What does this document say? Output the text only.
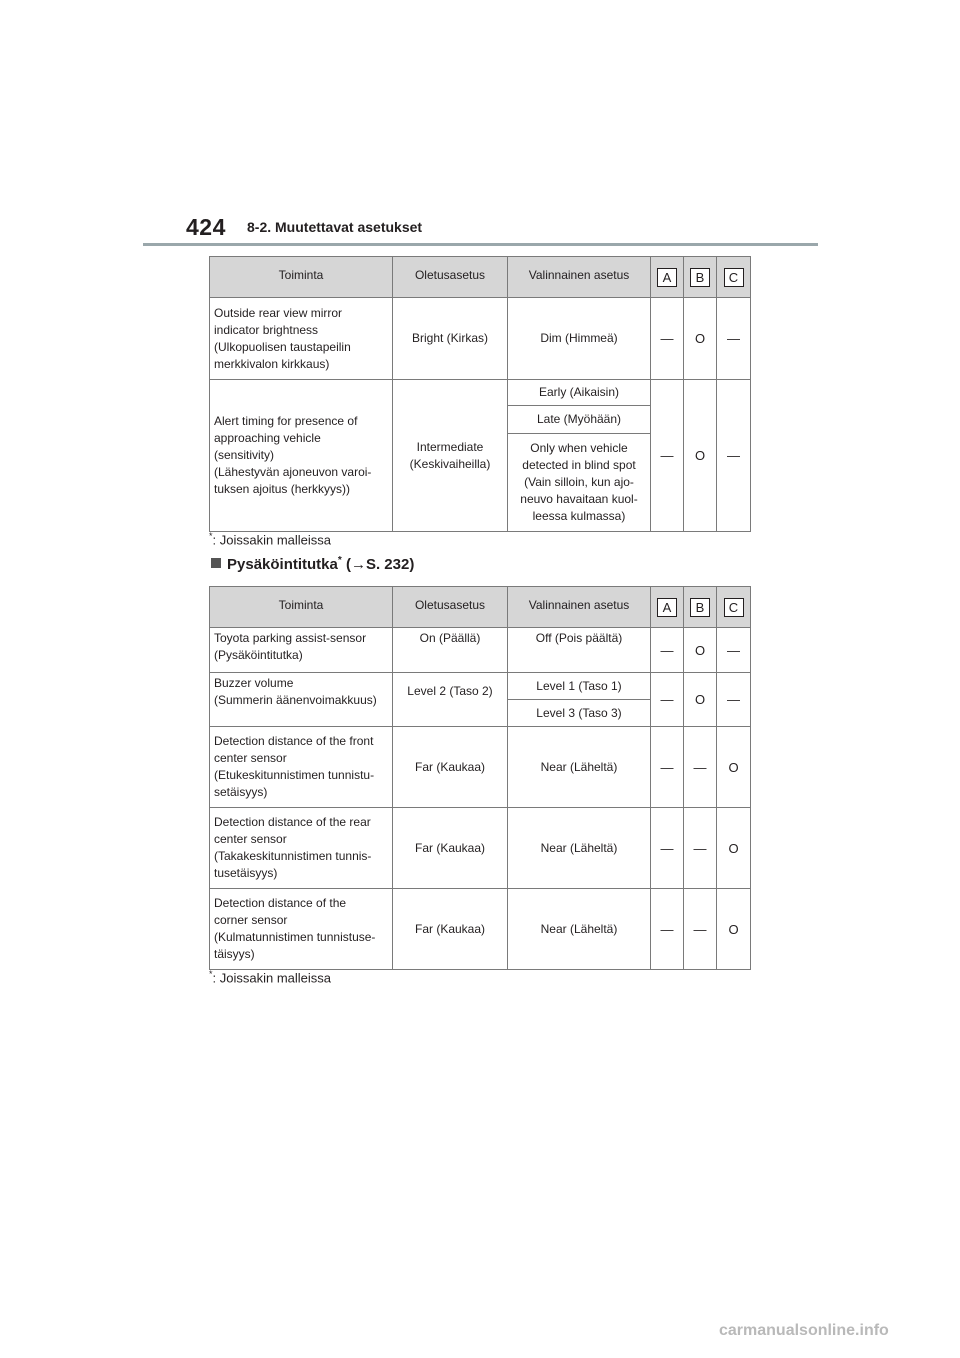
424 8-2. Muutettavat asetukset
Toiminta	Oletusasetus	Valinnainen asetus	A	B	C
Outside rear view mirror
indicator brightness
(Ulkopuolisen taustapeilin
merkkivalon kirkkaus)	Bright (Kirkas)	Dim (Himmeä)	—	O	—
Alert timing for presence of
approaching vehicle
(sensitivity)
(Lähestyvän ajoneuvon varoi-
tuksen ajoitus (herkkyys))	Intermediate
(Keskivaiheilla)	Early (Aikaisin)	—	O	—
		Late (Myöhään)			
		Only when vehicle
detected in blind spot
(Vain silloin, kun ajo-
neuvo havaitaan kuol-
leessa kulmassa)			
*: Joissakin malleissa
Pysäköintitutka* (→S. 232)
Toiminta	Oletusasetus	Valinnainen asetus	A	B	C
Toyota parking assist-sensor
(Pysäköintitutka)	On (Päällä)	Off (Pois päältä)	—	O	—
Buzzer volume
(Summerin äänenvoimakkuus)	Level 2 (Taso 2)	Level 1 (Taso 1)	—	O	—
		Level 3 (Taso 3)			
Detection distance of the front
center sensor
(Etukeskitunnistimen tunnistu-
setäisyys)	Far (Kaukaa)	Near (Läheltä)	—	—	O
Detection distance of the rear
center sensor
(Takakeskitunnistimen tunnis-
tusetäisyys)	Far (Kaukaa)	Near (Läheltä)	—	—	O
Detection distance of the
corner sensor
(Kulmatunnistimen tunnistuse-
täisyys)	Far (Kaukaa)	Near (Läheltä)	—	—	O
*: Joissakin malleissa
carmanualsonline.info
